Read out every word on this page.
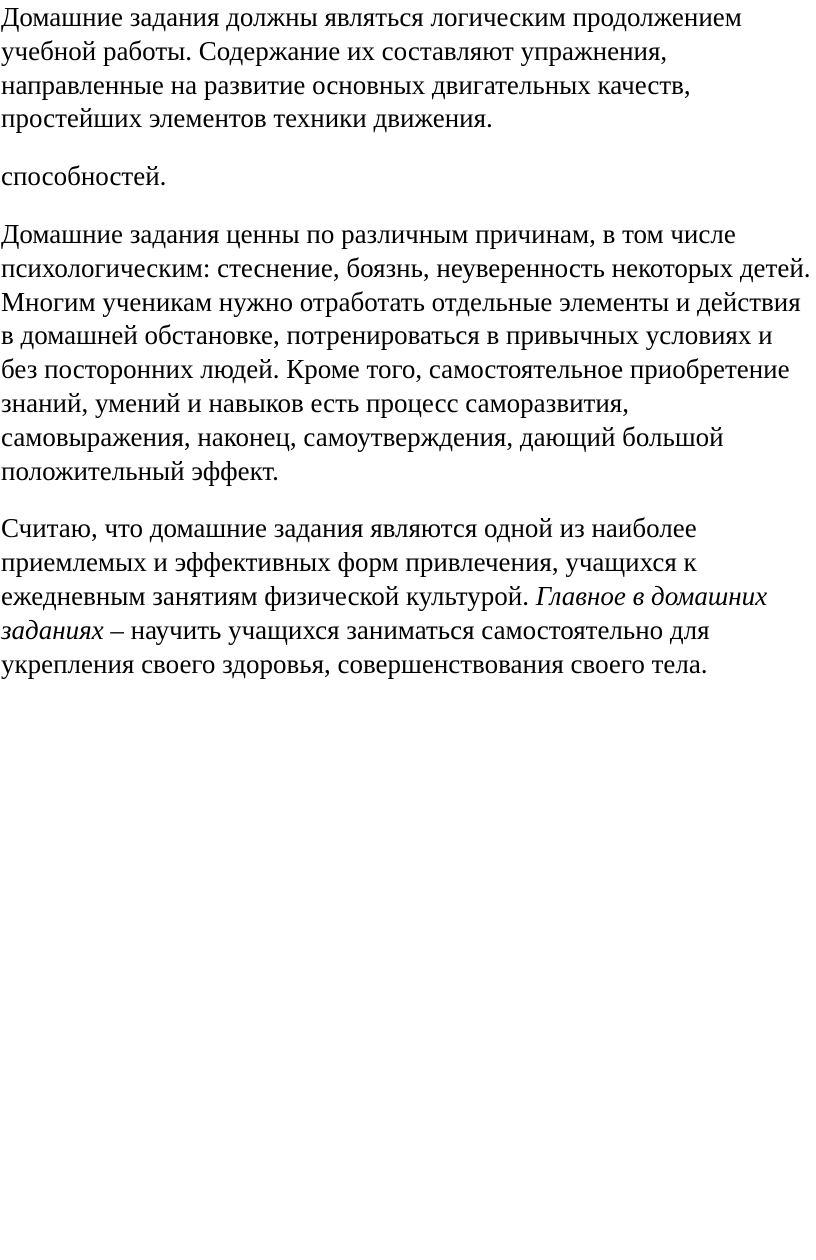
Домашние задания должны являться логическим продолжением учебной работы. Содержание их составляют упражнения, направленные на развитие основных двигательных качеств, простейших элементов техники движения.

способностей.

Домашние задания ценны по различным причинам, в том числе психологическим: стеснение, боязнь, неуверенность некоторых детей. Многим ученикам нужно отработать отдельные элементы и действия в домашней обстановке, потренироваться в привычных условиях и без посторонних людей. Кроме того, самостоятельное приобретение знаний, умений и навыков есть процесс саморазвития, самовыражения, наконец, самоутверждения, дающий большой положительный эффект.

Считаю, что домашние задания являются одной из наиболее приемлемых и эффективных форм привлечения, учащихся к ежедневным занятиям физической культурой. Главное в домашних заданиях – научить учащихся заниматься самостоятельно для укрепления своего здоровья, совершенствования своего тела.
